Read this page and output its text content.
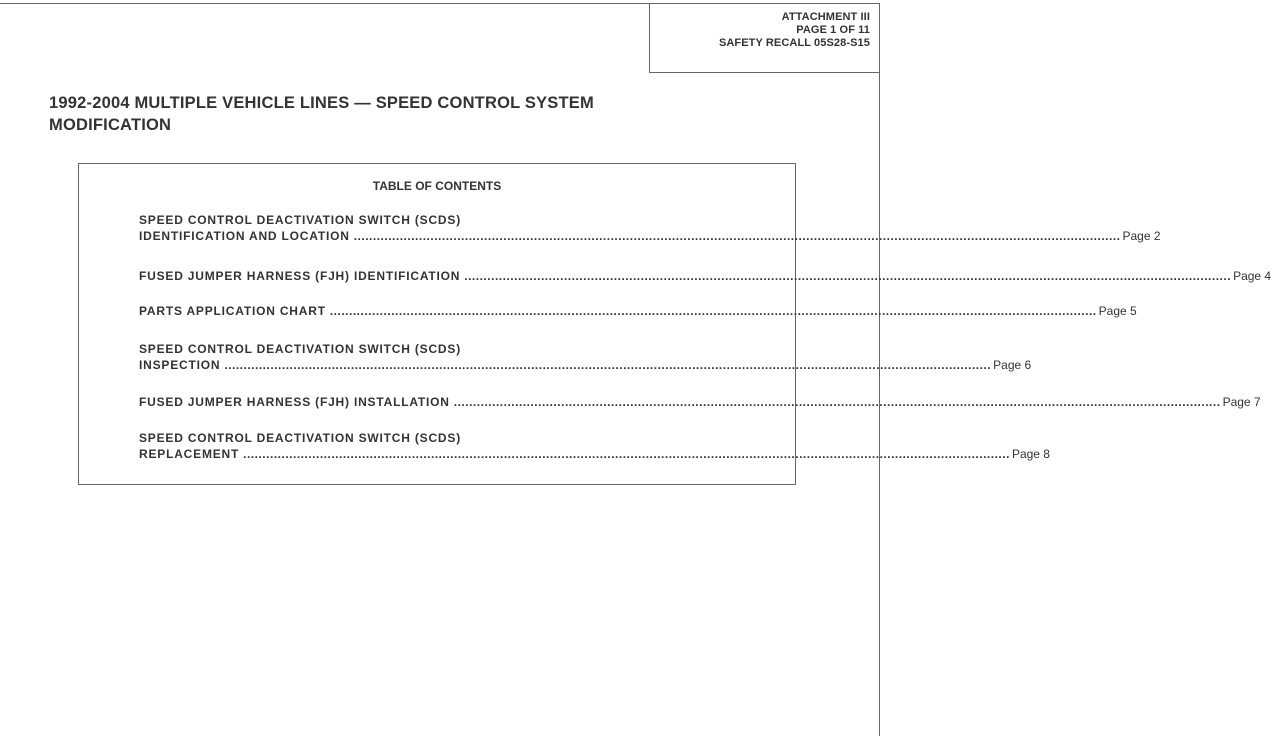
ATTACHMENT III
PAGE 1 OF 11
SAFETY RECALL 05S28-S15
1992-2004 MULTIPLE VEHICLE LINES — SPEED CONTROL SYSTEM MODIFICATION
TABLE OF CONTENTS
SPEED CONTROL DEACTIVATION SWITCH (SCDS)
IDENTIFICATION AND LOCATION ........................................................................................................................................................................................................ Page 2
FUSED JUMPER HARNESS (FJH) IDENTIFICATION ........................................................................................................................................................................................................ Page 4
PARTS APPLICATION CHART ........................................................................................................................................................................................................ Page 5
SPEED CONTROL DEACTIVATION SWITCH (SCDS)
INSPECTION ........................................................................................................................................................................................................ Page 6
FUSED JUMPER HARNESS (FJH) INSTALLATION ........................................................................................................................................................................................................ Page 7
SPEED CONTROL DEACTIVATION SWITCH (SCDS)
REPLACEMENT ........................................................................................................................................................................................................ Page 8
